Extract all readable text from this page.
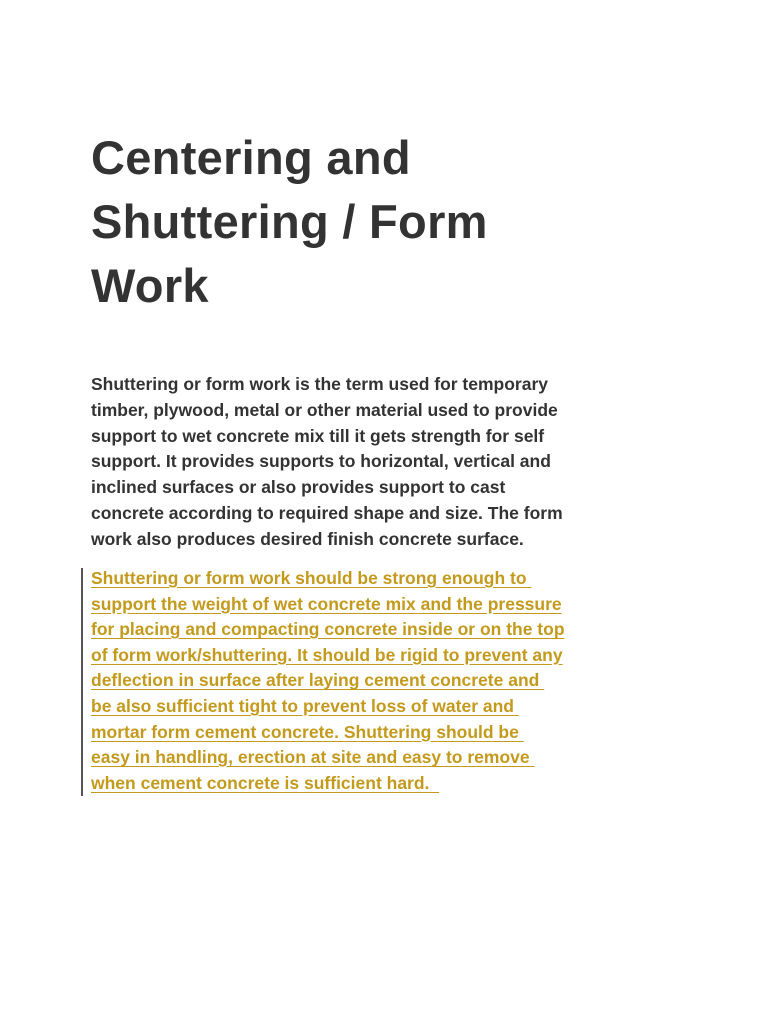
Centering and
Shuttering / Form
Work

Shuttering or form work is the term used for temporary
timber, plywood, metal or other material used to provide
support to wet concrete mix till it gets strength for self
support. It provides supports to horizontal, vertical and
inclined surfaces or also provides support to cast
concrete according to required shape and size. The form
work also produces desired finish concrete surface.

Shuttering or form work should be strong enough to
support the weight of wet concrete mix and the pressure
for placing and compacting concrete inside or on the top
of form work/shuttering. It should be rigid to prevent any
deflection in surface after laying cement concrete and
be also sufficient tight to prevent loss of water and
mortar form cement concrete. Shuttering should be
easy in handling, erection at site and easy to remove
when cement concrete is sufficient hard.
